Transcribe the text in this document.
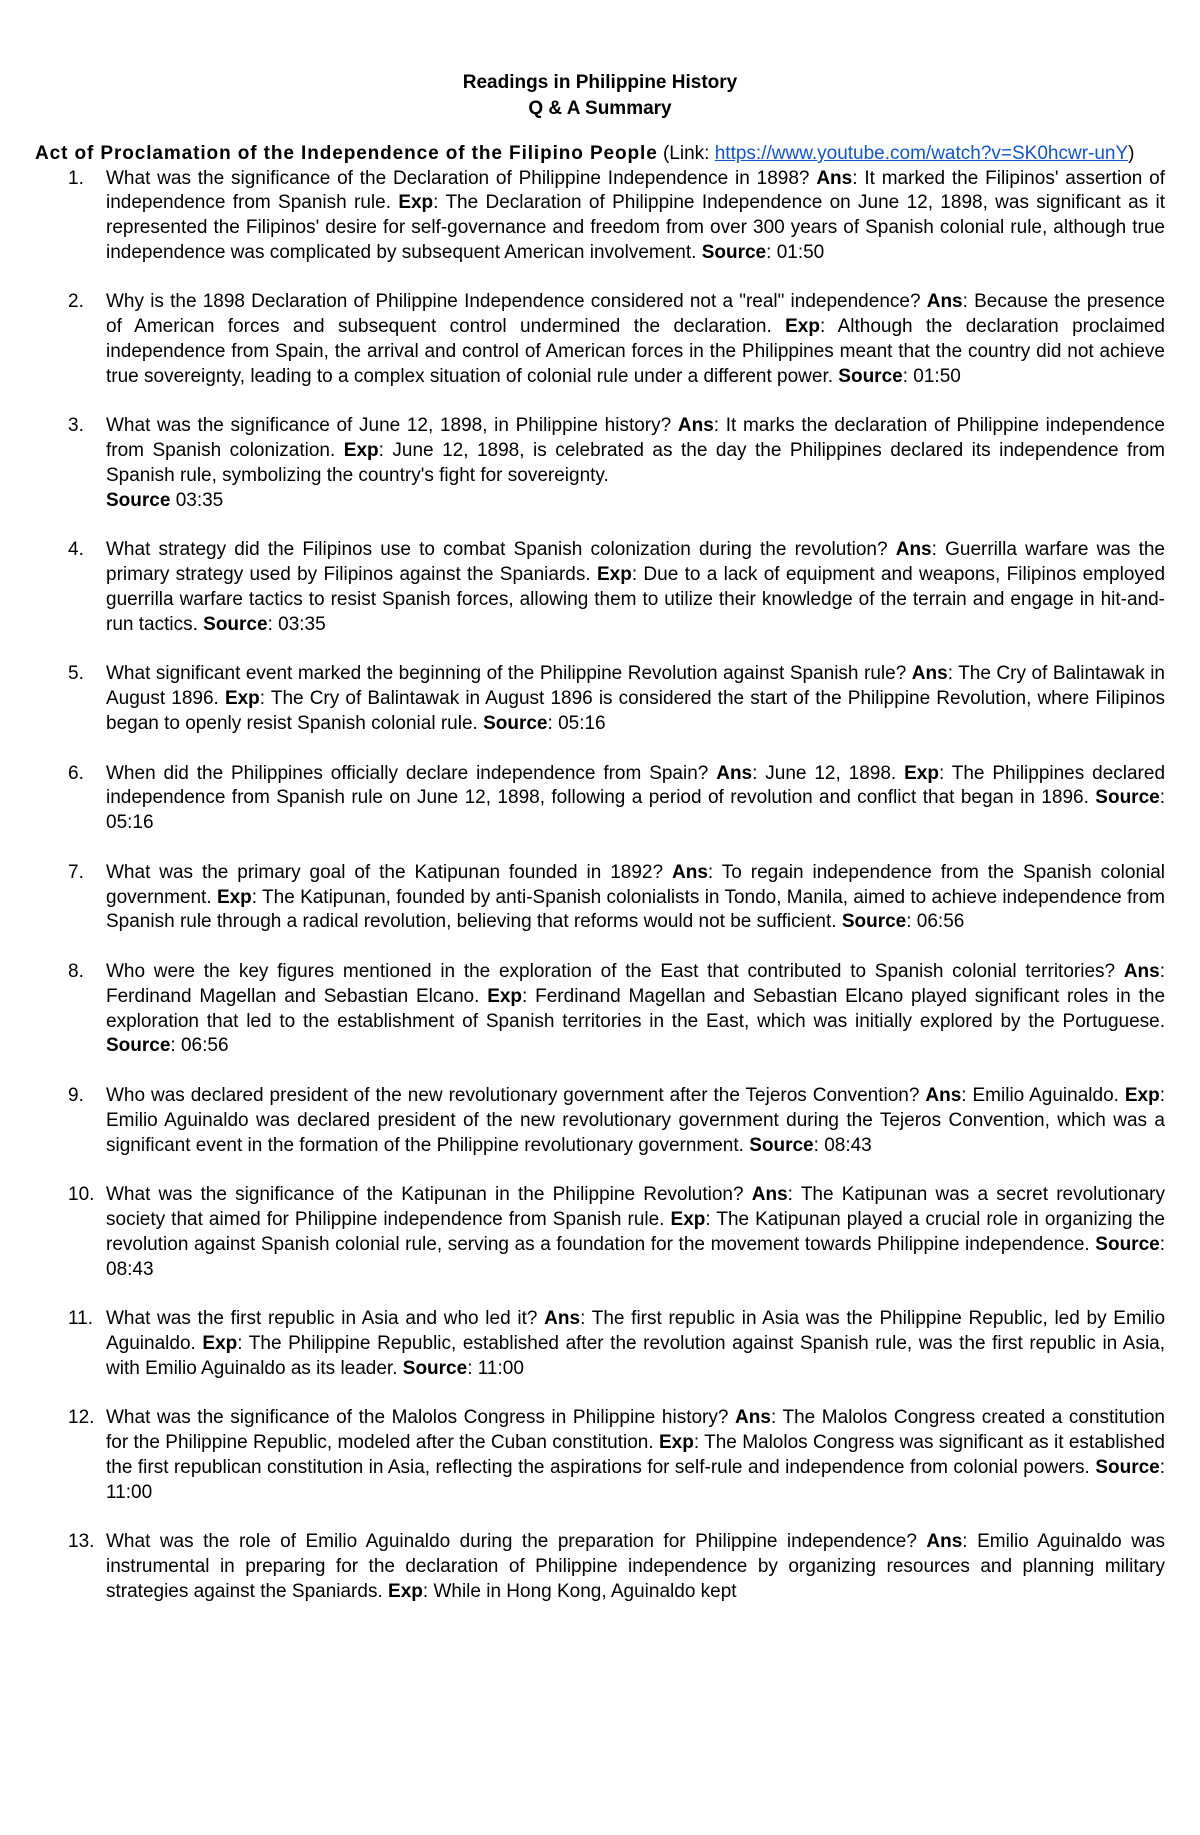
Readings in Philippine History

Q & A Summary

Act of Proclamation of the Independence of the Filipino People (Link: https://www.youtube.com/watch?v=SK0hcwr-unY)

1.	What was the significance of the Declaration of Philippine Independence in 1898? Ans: It marked the Filipinos' assertion of independence from Spanish rule. Exp: The Declaration of Philippine Independence on June 12, 1898, was significant as it represented the Filipinos' desire for self-governance and freedom from over 300 years of Spanish colonial rule, although true independence was complicated by subsequent American involvement. Source: 01:50
2.	Why is the 1898 Declaration of Philippine Independence considered not a "real" independence? Ans: Because the presence of American forces and subsequent control undermined the declaration. Exp: Although the declaration proclaimed independence from Spain, the arrival and control of American forces in the Philippines meant that the country did not achieve true sovereignty, leading to a complex situation of colonial rule under a different power. Source: 01:50
3.	What was the significance of June 12, 1898, in Philippine history? Ans: It marks the declaration of Philippine independence from Spanish colonization. Exp: June 12, 1898, is celebrated as the day the Philippines declared its independence from Spanish rule, symbolizing the country's fight for sovereignty.
Source 03:35
4.	What strategy did the Filipinos use to combat Spanish colonization during the revolution? Ans: Guerrilla warfare was the primary strategy used by Filipinos against the Spaniards. Exp: Due to a lack of equipment and weapons, Filipinos employed guerrilla warfare tactics to resist Spanish forces, allowing them to utilize their knowledge of the terrain and engage in hit-and-run tactics. Source: 03:35
5.	What significant event marked the beginning of the Philippine Revolution against Spanish rule? Ans: The Cry of Balintawak in August 1896. Exp: The Cry of Balintawak in August 1896 is considered the start of the Philippine Revolution, where Filipinos began to openly resist Spanish colonial rule. Source: 05:16
6.	When did the Philippines officially declare independence from Spain? Ans: June 12, 1898. Exp: The Philippines declared independence from Spanish rule on June 12, 1898, following a period of revolution and conflict that began in 1896. Source: 05:16
7.	What was the primary goal of the Katipunan founded in 1892? Ans: To regain independence from the Spanish colonial government. Exp: The Katipunan, founded by anti-Spanish colonialists in Tondo, Manila, aimed to achieve independence from Spanish rule through a radical revolution, believing that reforms would not be sufficient. Source: 06:56
8.	Who were the key figures mentioned in the exploration of the East that contributed to Spanish colonial territories? Ans: Ferdinand Magellan and Sebastian Elcano. Exp: Ferdinand Magellan and Sebastian Elcano played significant roles in the exploration that led to the establishment of Spanish territories in the East, which was initially explored by the Portuguese. Source: 06:56
9.	Who was declared president of the new revolutionary government after the Tejeros Convention? Ans: Emilio Aguinaldo. Exp: Emilio Aguinaldo was declared president of the new revolutionary government during the Tejeros Convention, which was a significant event in the formation of the Philippine revolutionary government. Source: 08:43
10. What was the significance of the Katipunan in the Philippine Revolution? Ans: The Katipunan was a secret revolutionary society that aimed for Philippine independence from Spanish rule. Exp: The Katipunan played a crucial role in organizing the revolution against Spanish colonial rule, serving as a foundation for the movement towards Philippine independence. Source: 08:43
11. What was the first republic in Asia and who led it? Ans: The first republic in Asia was the Philippine Republic, led by Emilio Aguinaldo. Exp: The Philippine Republic, established after the revolution against Spanish rule, was the first republic in Asia, with Emilio Aguinaldo as its leader. Source: 11:00
12. What was the significance of the Malolos Congress in Philippine history? Ans: The Malolos Congress created a constitution for the Philippine Republic, modeled after the Cuban constitution. Exp: The Malolos Congress was significant as it established the first republican constitution in Asia, reflecting the aspirations for self-rule and independence from colonial powers. Source: 11:00
13. What was the role of Emilio Aguinaldo during the preparation for Philippine independence? Ans: Emilio Aguinaldo was instrumental in preparing for the declaration of Philippine independence by organizing resources and planning military strategies against the Spaniards. Exp: While in Hong Kong, Aguinaldo kept
